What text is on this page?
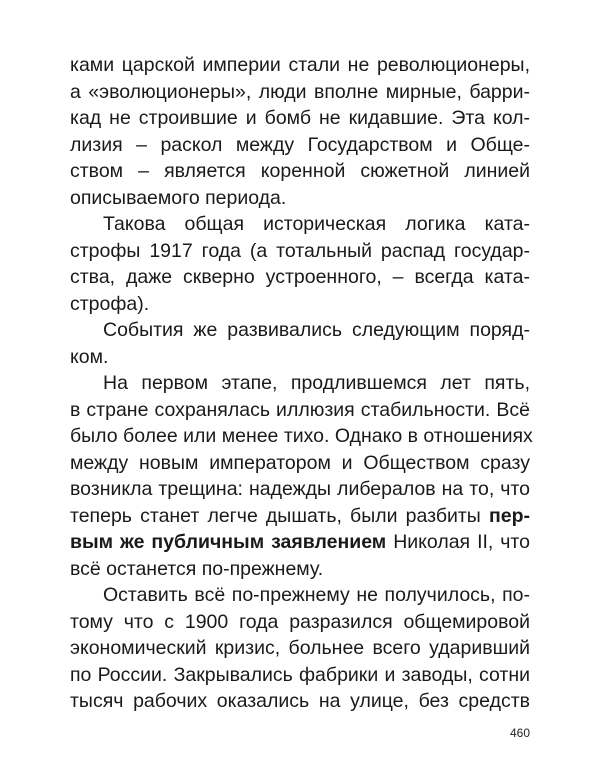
ками царской империи стали не революционеры,
а «эволюционеры», люди вполне мирные, барри-
кад не строившие и бомб не кидавшие. Эта кол-
лизия – раскол между Государством и Обще-
ством – является коренной сюжетной линией
описываемого периода.
Такова общая историческая логика ката-
строфы 1917 года (а тотальный распад государ-
ства, даже скверно устроенного, – всегда ката-
строфа).
События же развивались следующим поряд-
ком.
На первом этапе, продлившемся лет пять,
в стране сохранялась иллюзия стабильности. Всё
было более или менее тихо. Однако в отношениях
между новым императором и Обществом сразу
возникла трещина: надежды либералов на то, что
теперь станет легче дышать, были разбиты пер-
вым же публичным заявлением Николая II, что
всё останется по-прежнему.
Оставить всё по-прежнему не получилось, по-
тому что с 1900 года разразился общемировой
экономический кризис, больнее всего ударивший
по России. Закрывались фабрики и заводы, сотни
тысяч рабочих оказались на улице, без средств
460
